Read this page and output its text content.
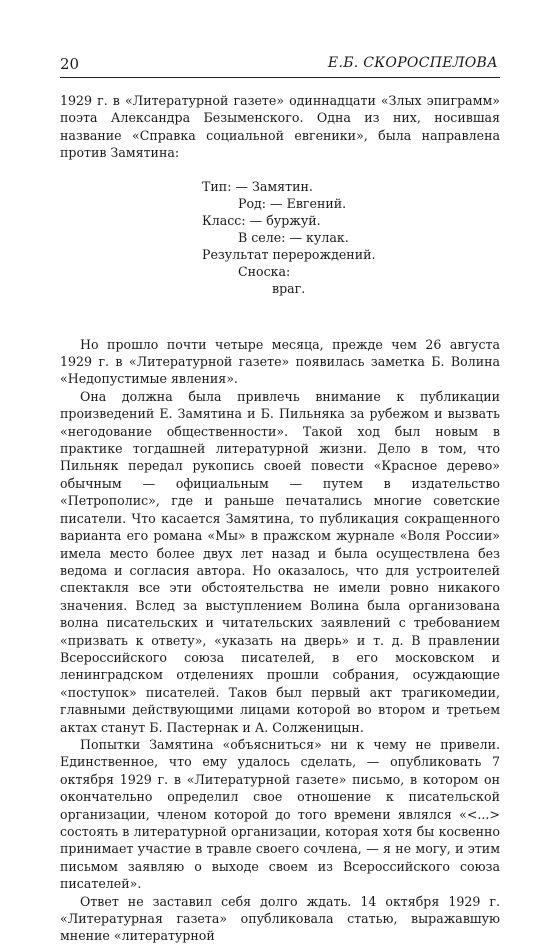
20	Е.Б. СКОРОСПЕЛОВА

1929 г. в «Литературной газете» одиннадцати «Злых эпиграмм» поэта Александра Безыменского. Одна из них, носившая название «Справка социальной евгеники», была направлена против Замятина:

Тип: — Замятин.
Род: — Евгений.
Класс: — буржуй.
В селе: — кулак.
Результат перерождений.
Сноска:
враг.

Но прошло почти четыре месяца, прежде чем 26 августа 1929 г. в «Литературной газете» появилась заметка Б. Волина «Недопустимые явления».

Она должна была привлечь внимание к публикации произведений Е. Замятина и Б. Пильняка за рубежом и вызвать «негодование общественности». Такой ход был новым в практике тогдашней литературной жизни. Дело в том, что Пильняк передал рукопись своей повести «Красное дерево» обычным — официальным — путем в издательство «Петрополис», где и раньше печатались многие советские писатели. Что касается Замятина, то публикация сокращенного варианта его романа «Мы» в пражском журнале «Воля России» имела место более двух лет назад и была осуществлена без ведома и согласия автора. Но оказалось, что для устроителей спектакля все эти обстоятельства не имели ровно никакого значения. Вслед за выступлением Волина была организована волна писательских и читательских заявлений с требованием «призвать к ответу», «указать на дверь» и т. д. В правлении Всероссийского союза писателей, в его московском и ленинградском отделениях прошли собрания, осуждающие «поступок» писателей. Таков был первый акт трагикомедии, главными действующими лицами которой во втором и третьем актах станут Б. Пастернак и А. Солженицын.

Попытки Замятина «объясниться» ни к чему не привели. Единственное, что ему удалось сделать, — опубликовать 7 октября 1929 г. в «Литературной газете» письмо, в котором он окончательно определил свое отношение к писательской организации, членом которой до того времени являлся «<...> состоять в литературной организации, которая хотя бы косвенно принимает участие в травле своего сочлена, — я не могу, и этим письмом заявляю о выходе своем из Всероссийского союза писателей».

Ответ не заставил себя долго ждать. 14 октября 1929 г. «Литературная газета» опубликовала статью, выражавшую мнение «литературной
